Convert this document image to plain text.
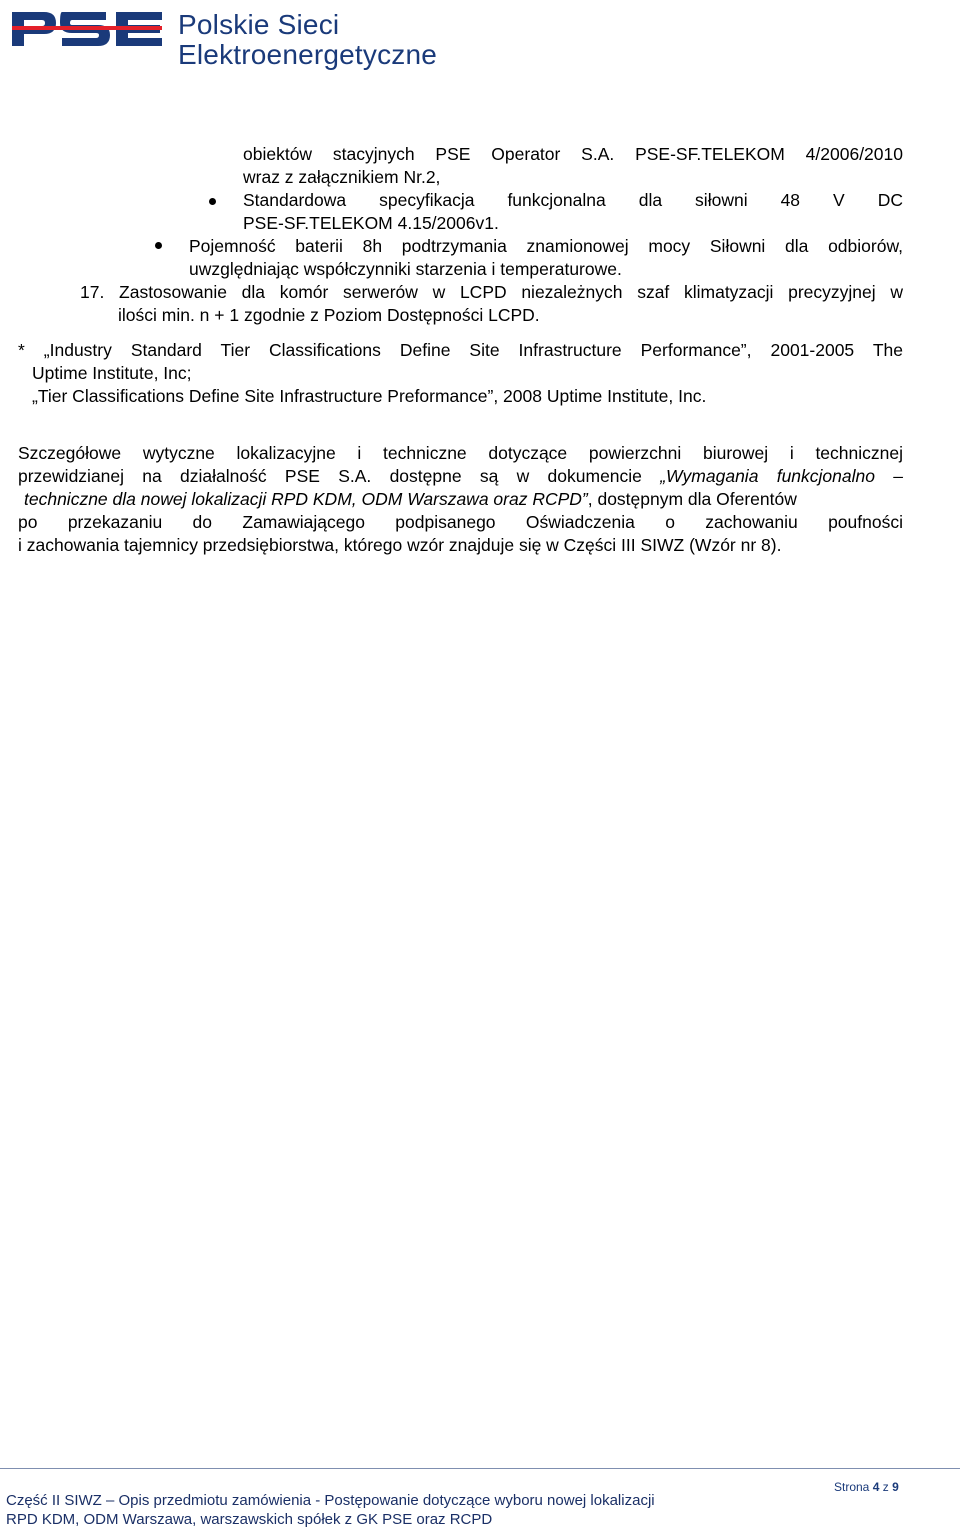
Polskie Sieci
Elektroenergetyczne
obiektów stacyjnych PSE Operator S.A. PSE-SF.TELEKOM 4/2006/2010
wraz z załącznikiem Nr.2,
Standardowa specyfikacja funkcjonalna dla siłowni 48 V DC
PSE-SF.TELEKOM 4.15/2006v1.
Pojemność baterii 8h podtrzymania znamionowej mocy Siłowni dla odbiorów,
uwzględniając współczynniki starzenia i temperaturowe.
17. Zastosowanie dla komór serwerów w LCPD niezależnych szaf klimatyzacji precyzyjnej w
ilości min. n + 1 zgodnie z Poziom Dostępności LCPD.
* „Industry Standard Tier Classifications Define Site Infrastructure Performance”, 2001-2005 The
Uptime Institute, Inc;
„Tier Classifications Define Site Infrastructure Preformance”, 2008 Uptime Institute, Inc.
Szczegółowe wytyczne lokalizacyjne i techniczne dotyczące powierzchni biurowej i technicznej
przewidzianej na działalność PSE S.A. dostępne są w dokumencie „Wymagania funkcjonalno –
techniczne dla nowej lokalizacji RPD KDM, ODM Warszawa oraz RCPD”, dostępnym dla Oferentów
po przekazaniu do Zamawiającego podpisanego Oświadczenia o zachowaniu poufności
i zachowania tajemnicy przedsiębiorstwa, którego wzór znajduje się w Części III SIWZ (Wzór nr 8).
Strona 4 z 9
Część II SIWZ – Opis przedmiotu zamówienia - Postępowanie dotyczące wyboru nowej lokalizacji
RPD KDM, ODM Warszawa, warszawskich spółek z GK PSE oraz RCPD
